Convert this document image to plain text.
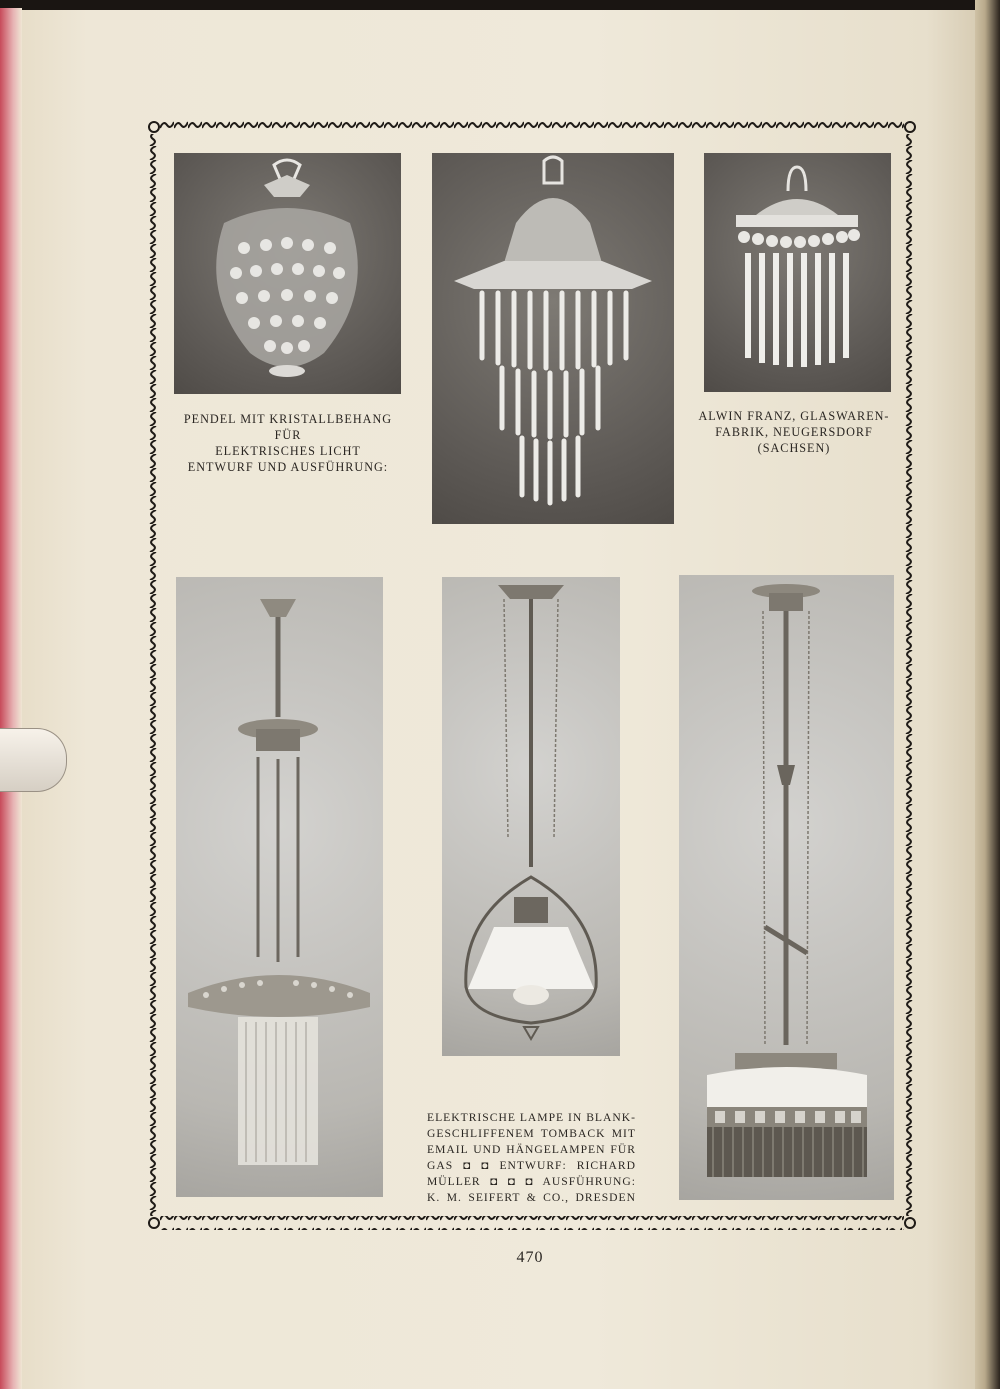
PENDEL MIT KRISTALLBEHANG FÜR
ELEKTRISCHES LICHT
ENTWURF UND AUSFÜHRUNG:
ALWIN FRANZ, GLASWAREN-
FABRIK, NEUGERSDORF
(SACHSEN)
ELEKTRISCHE LAMPE IN BLANK-
GESCHLIFFENEM TOMBACK MIT
EMAIL UND HÄNGELAMPEN FÜR
GAS ◘ ◘ ENTWURF: RICHARD
MÜLLER ◘ ◘ ◘ AUSFÜHRUNG:
K. M. SEIFERT & CO., DRESDEN
470
